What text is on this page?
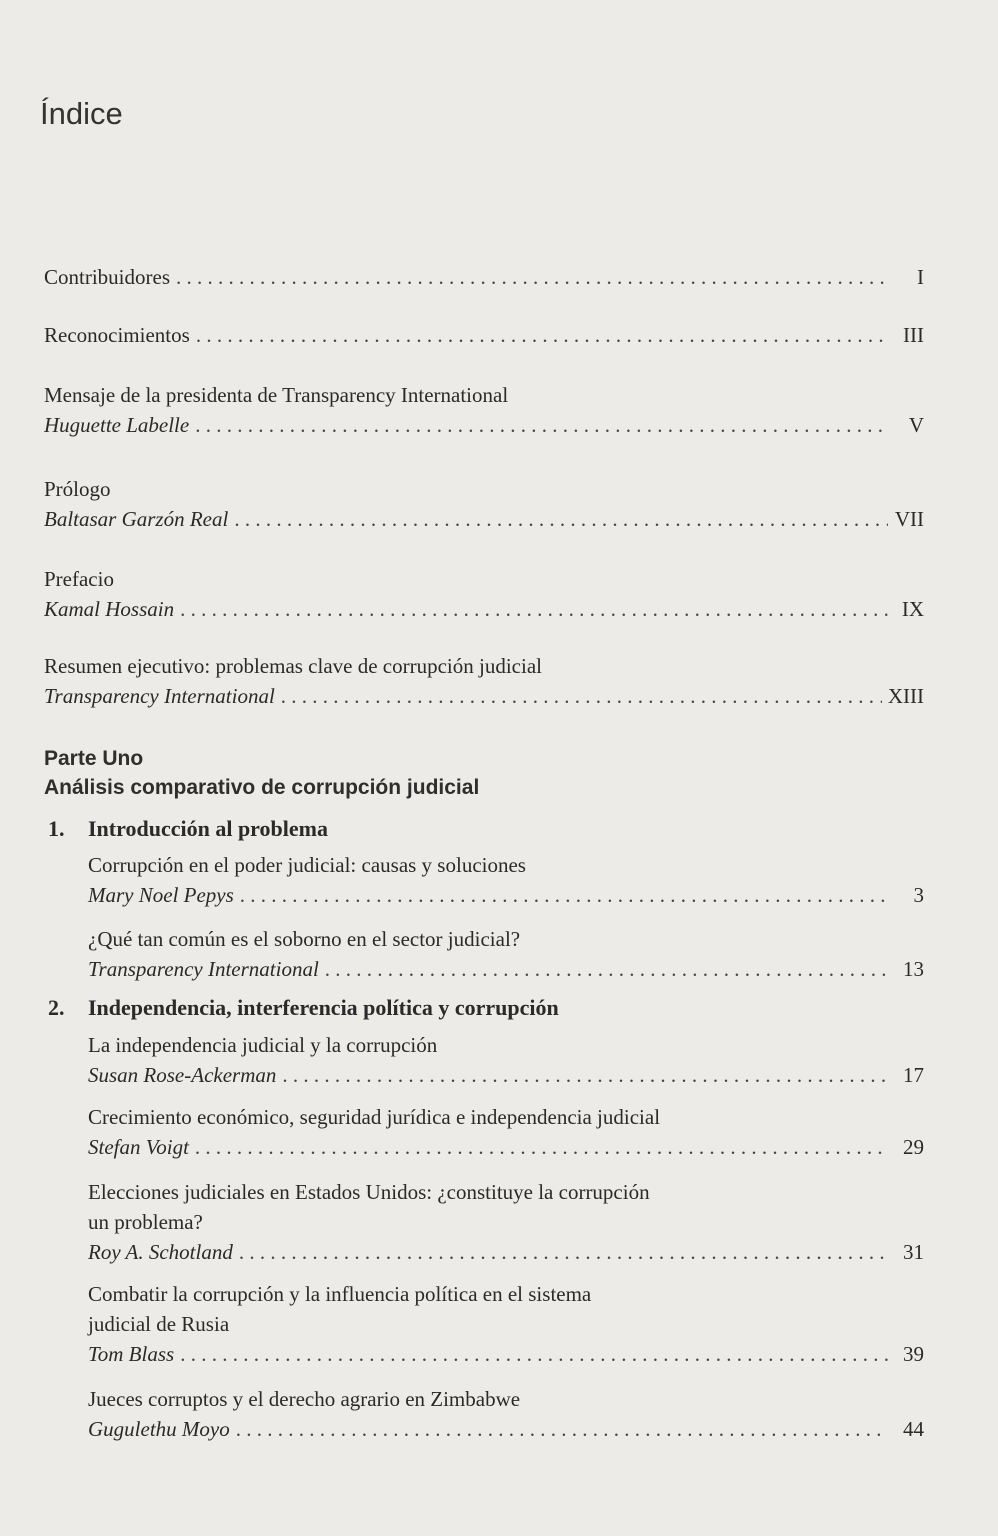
Índice
Contribuidores . . .	I
Reconocimientos . . .	III
Mensaje de la presidenta de Transparency International
Huguette Labelle . . .	V
Prólogo
Baltasar Garzón Real . . .	VII
Prefacio
Kamal Hossain . . .	IX
Resumen ejecutivo: problemas clave de corrupción judicial
Transparency International . . .	XIII
Parte Uno
Análisis comparativo de corrupción judicial
1. Introducción al problema
Corrupción en el poder judicial: causas y soluciones
Mary Noel Pepys . . .	3
¿Qué tan común es el soborno en el sector judicial?
Transparency International . . .	13
2. Independencia, interferencia política y corrupción
La independencia judicial y la corrupción
Susan Rose-Ackerman . . .	17
Crecimiento económico, seguridad jurídica e independencia judicial
Stefan Voigt . . .	29
Elecciones judiciales en Estados Unidos: ¿constituye la corrupción
un problema?
Roy A. Schotland . . .	31
Combatir la corrupción y la influencia política en el sistema
judicial de Rusia
Tom Blass . . .	39
Jueces corruptos y el derecho agrario en Zimbabwe
Gugulethu Moyo . . .	44
